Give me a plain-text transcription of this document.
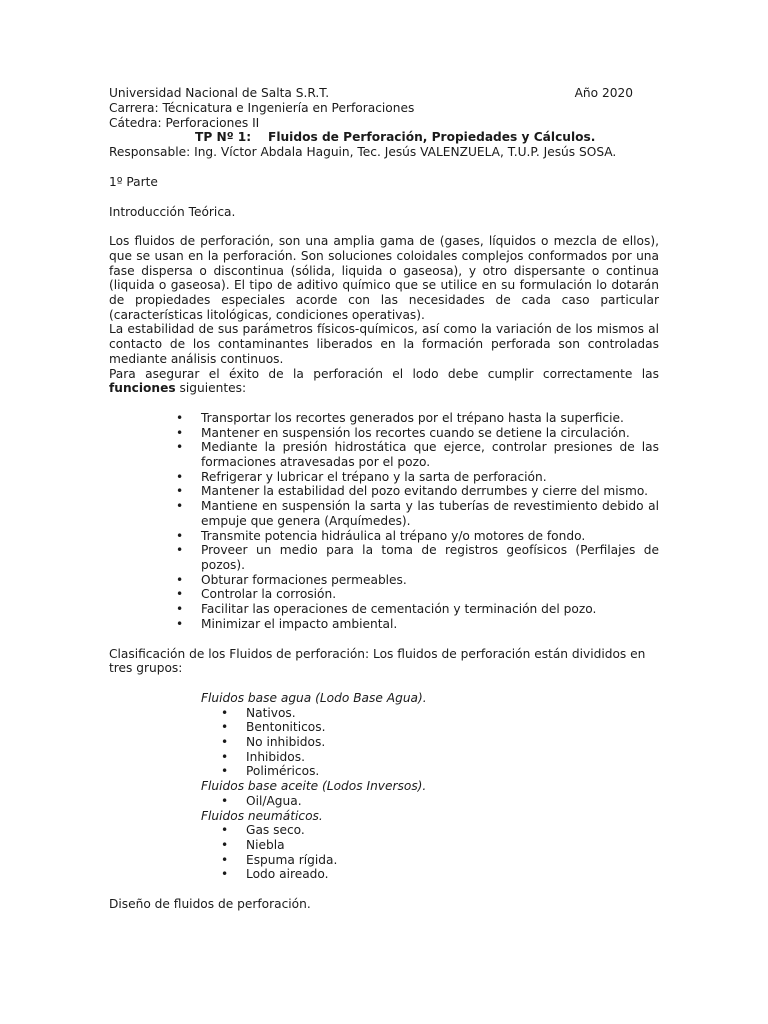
Universidad Nacional de Salta S.R.T.	Año 2020
Carrera: Técnicatura e Ingeniería en Perforaciones
Cátedra: Perforaciones II
TP Nº 1: Fluidos de Perforación, Propiedades y Cálculos.
Responsable: Ing. Víctor Abdala Haguin, Tec. Jesús VALENZUELA, T.U.P. Jesús SOSA.
1º Parte
Introducción Teórica.

Los fluidos de perforación, son una amplia gama de (gases, líquidos o mezcla de ellos), que se usan en la perforación. Son soluciones coloidales complejos conformados por una fase dispersa o discontinua (sólida, liquida o gaseosa), y otro dispersante o continua (liquida o gaseosa). El tipo de aditivo químico que se utilice en su formulación lo dotarán de propiedades especiales acorde con las necesidades de cada caso particular (características litológicas, condiciones operativas).

La estabilidad de sus parámetros físicos-químicos, así como la variación de los mismos al contacto de los contaminantes liberados en la formación perforada son controladas mediante análisis continuos.

Para asegurar el éxito de la perforación el lodo debe cumplir correctamente las funciones siguientes:

• Transportar los recortes generados por el trépano hasta la superficie.
• Mantener en suspensión los recortes cuando se detiene la circulación.
• Mediante la presión hidrostática que ejerce, controlar presiones de las formaciones atravesadas por el pozo.
• Refrigerar y lubricar el trépano y la sarta de perforación.
• Mantener la estabilidad del pozo evitando derrumbes y cierre del mismo.
• Mantiene en suspensión la sarta y las tuberías de revestimiento debido al empuje que genera (Arquímedes).
• Transmite potencia hidráulica al trépano y/o motores de fondo.
• Proveer un medio para la toma de registros geofísicos (Perfilajes de pozos).
• Obturar formaciones permeables.
• Controlar la corrosión.
• Facilitar las operaciones de cementación y terminación del pozo.
• Minimizar el impacto ambiental.

Clasificación de los Fluidos de perforación: Los fluidos de perforación están divididos en tres grupos:

Fluidos base agua (Lodo Base Agua).
• Nativos.
• Bentoniticos.
• No inhibidos.
• Inhibidos.
• Poliméricos.
Fluidos base aceite (Lodos Inversos).
• Oil/Agua.
Fluidos neumáticos.
• Gas seco.
• Niebla
• Espuma rígida.
• Lodo aireado.
Diseño de fluidos de perforación.
